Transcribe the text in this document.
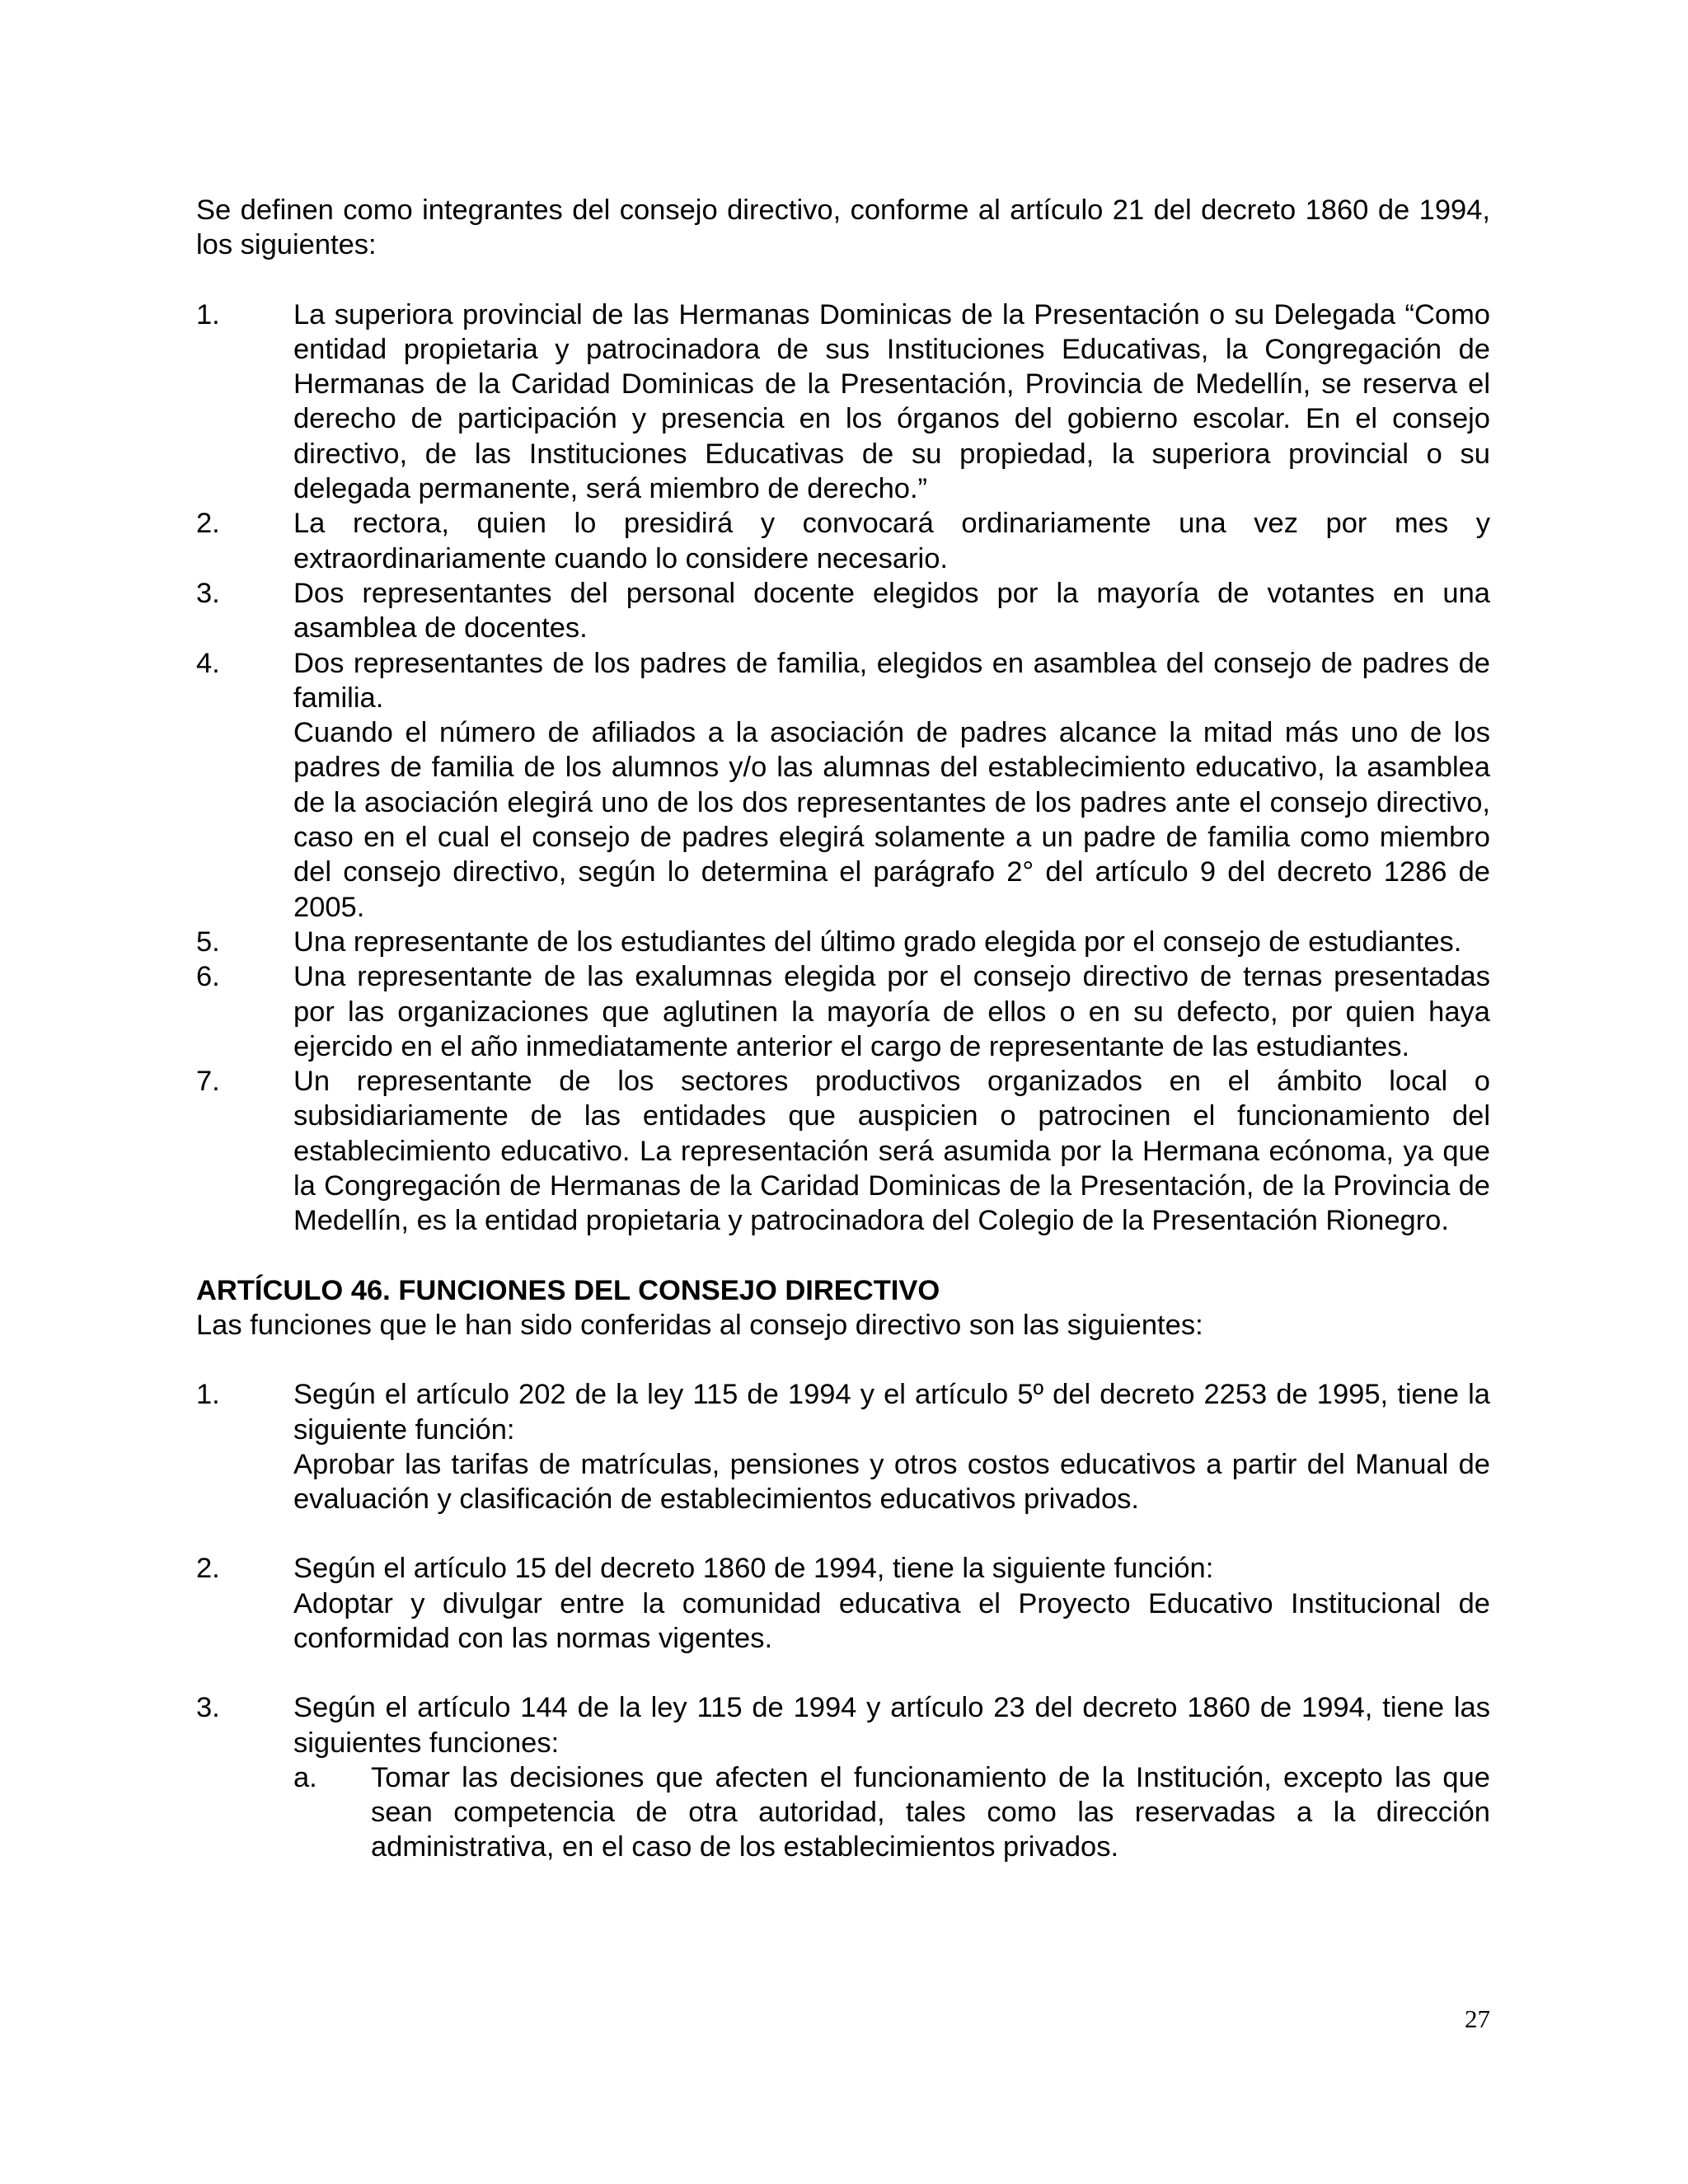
Se definen como integrantes del consejo directivo, conforme al artículo 21 del decreto 1860 de 1994, los siguientes:

1.	La superiora provincial de las Hermanas Dominicas de la Presentación o su Delegada “Como entidad propietaria y patrocinadora de sus Instituciones Educativas, la Congregación de Hermanas de la Caridad Dominicas de la Presentación, Provincia de Medellín, se reserva el derecho de participación y presencia en los órganos del gobierno escolar. En el consejo directivo, de las Instituciones Educativas de su propiedad, la superiora provincial o su delegada permanente, será miembro de derecho.”
2.	La rectora, quien lo presidirá y convocará ordinariamente una vez por mes y extraordinariamente cuando lo considere necesario.
3.	Dos representantes del personal docente elegidos por la mayoría de votantes en una asamblea de docentes.
4.	Dos representantes de los padres de familia, elegidos en asamblea del consejo de padres de familia.
Cuando el número de afiliados a la asociación de padres alcance la mitad más uno de los padres de familia de los alumnos y/o las alumnas del establecimiento educativo, la asamblea de la asociación elegirá uno de los dos representantes de los padres ante el consejo directivo, caso en el cual el consejo de padres elegirá solamente a un padre de familia como miembro del consejo directivo, según lo determina el parágrafo 2° del artículo 9 del decreto 1286 de 2005.
5.	Una representante de los estudiantes del último grado elegida por el consejo de estudiantes.
6.	Una representante de las exalumnas elegida por el consejo directivo de ternas presentadas por las organizaciones que aglutinen la mayoría de ellos o en su defecto, por quien haya ejercido en el año inmediatamente anterior el cargo de representante de las estudiantes.
7.	Un representante de los sectores productivos organizados en el ámbito local o subsidiariamente de las entidades que auspicien o patrocinen el funcionamiento del establecimiento educativo. La representación será asumida por la Hermana ecónoma, ya que la Congregación de Hermanas de la Caridad Dominicas de la Presentación, de la Provincia de Medellín, es la entidad propietaria y patrocinadora del Colegio de la Presentación Rionegro.

ARTÍCULO 46. FUNCIONES DEL CONSEJO DIRECTIVO

Las funciones que le han sido conferidas al consejo directivo son las siguientes:

1.	Según el artículo 202 de la ley 115 de 1994 y el artículo 5º del decreto 2253 de 1995, tiene la siguiente función:
Aprobar las tarifas de matrículas, pensiones y otros costos educativos a partir del Manual de evaluación y clasificación de establecimientos educativos privados.
2.	Según el artículo 15 del decreto 1860 de 1994, tiene la siguiente función:
Adoptar y divulgar entre la comunidad educativa el Proyecto Educativo Institucional de conformidad con las normas vigentes.
3.	Según el artículo 144 de la ley 115 de 1994 y artículo 23 del decreto 1860 de 1994, tiene las siguientes funciones:
a.	Tomar las decisiones que afecten el funcionamiento de la Institución, excepto las que sean competencia de otra autoridad, tales como las reservadas a la dirección administrativa, en el caso de los establecimientos privados.
27
